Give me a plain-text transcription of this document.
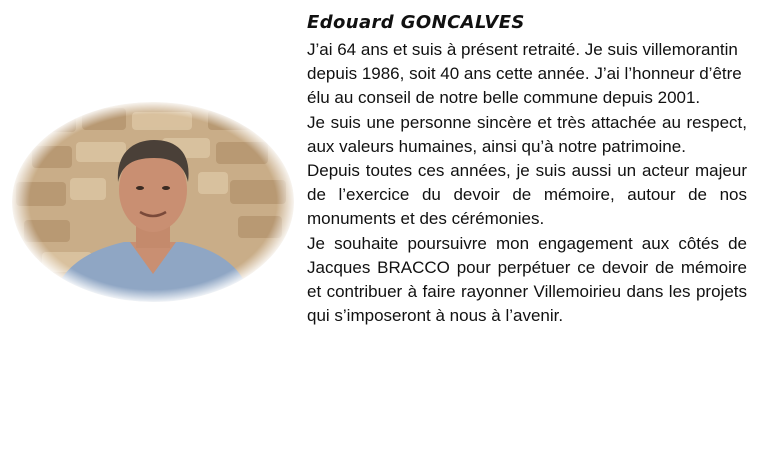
Edouard GONCALVES

J’ai 64 ans et suis à présent retraité. Je suis villemorantin depuis 1986, soit 40 ans cette année. J’ai l’honneur d’être élu au conseil de notre belle commune depuis 2001.

Je suis une personne sincère et très attachée au respect, aux valeurs humaines, ainsi qu’à notre patrimoine.

Depuis toutes ces années, je suis aussi un acteur majeur de l’exercice du devoir de mémoire, autour de nos monuments et des cérémonies.

Je souhaite poursuivre mon engagement aux côtés de Jacques BRACCO pour perpétuer ce devoir de mémoire et contribuer à faire rayonner Villemoirieu dans les projets qui s’imposeront à nous à l’avenir.
